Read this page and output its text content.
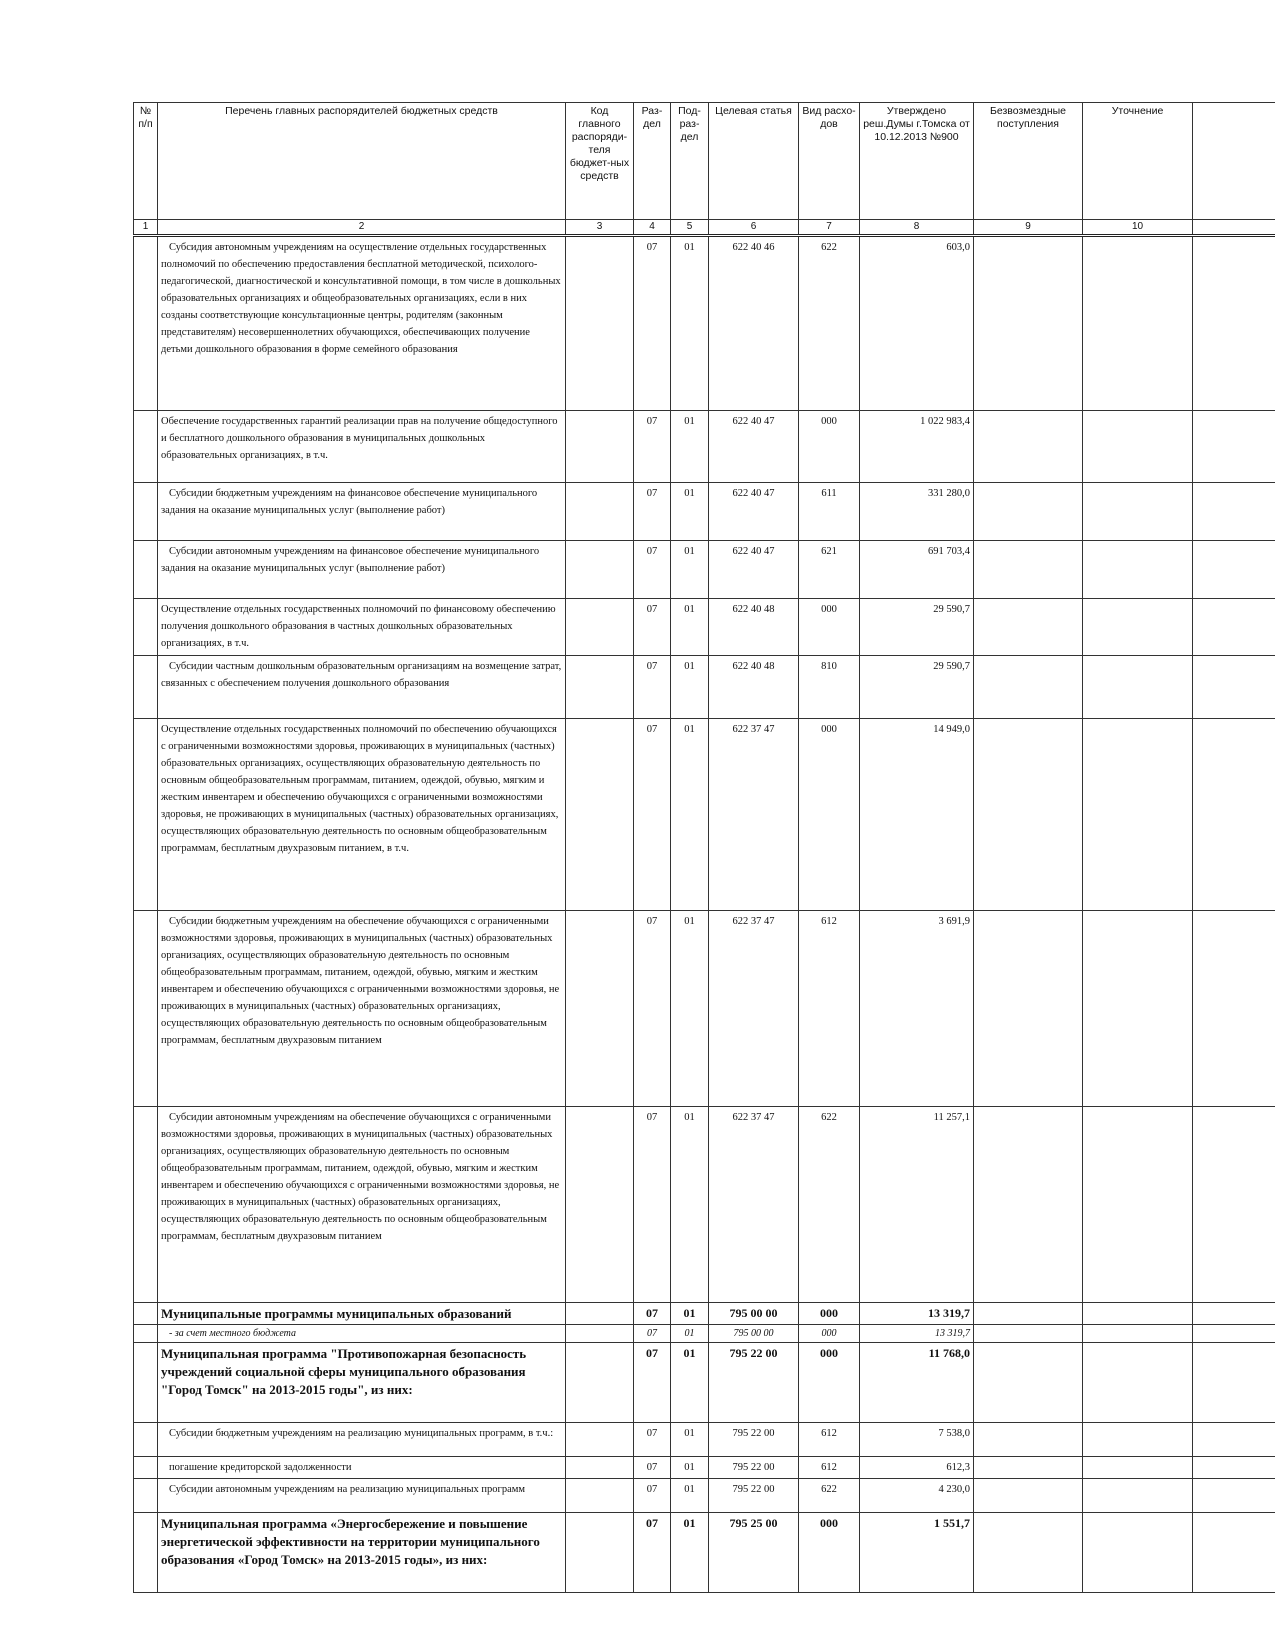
№ п/п	Перечень главных распорядителей бюджетных средств	Код главного распоряди-теля бюджет-ных средств	Раз-дел	Под-раз-дел	Целевая статья	Вид расхо-дов	Утверждено реш.Думы г.Томска от 10.12.2013 №900	Безвозмездные поступления	Уточнение	
1	2	3	4	5	6	7	8	9	10	
	Субсидия автономным учреждениям на осуществление отдельных государственных полномочий по обеспечению предоставления бесплатной методической, психолого-педагогической, диагностической и консультативной помощи, в том числе в дошкольных образовательных организациях и общеобразовательных организациях, если в них созданы соответствующие консультационные центры, родителям (законным представителям) несовершеннолетних обучающихся, обеспечивающих получение детьми дошкольного образования в форме семейного образования		07	01	622 40 46	622	603,0			
	Обеспечение государственных гарантий реализации прав на получение общедоступного и бесплатного дошкольного образования в муниципальных дошкольных образовательных организациях, в т.ч.		07	01	622 40 47	000	1 022 983,4			
	Субсидии бюджетным учреждениям на финансовое обеспечение муниципального задания на оказание муниципальных услуг (выполнение работ)		07	01	622 40 47	611	331 280,0			
	Субсидии автономным учреждениям на финансовое обеспечение муниципального задания на оказание муниципальных услуг (выполнение работ)		07	01	622 40 47	621	691 703,4			
	Осуществление отдельных государственных полномочий по финансовому обеспечению получения дошкольного образования в частных дошкольных образовательных организациях, в т.ч.		07	01	622 40 48	000	29 590,7			
	Субсидии частным дошкольным образовательным организациям на возмещение затрат, связанных с обеспечением получения дошкольного образования		07	01	622 40 48	810	29 590,7			
	Осуществление отдельных государственных полномочий по обеспечению обучающихся с ограниченными возможностями здоровья, проживающих в муниципальных (частных) образовательных организациях, осуществляющих образовательную деятельность по основным общеобразовательным программам, питанием, одеждой, обувью, мягким и жестким инвентарем и обеспечению обучающихся с ограниченными возможностями здоровья, не проживающих в муниципальных (частных) образовательных организациях, осуществляющих образовательную деятельность по основным общеобразовательным программам, бесплатным двухразовым питанием, в т.ч.		07	01	622 37 47	000	14 949,0			
	Субсидии бюджетным учреждениям на обеспечение обучающихся с ограниченными возможностями здоровья, проживающих в муниципальных (частных) образовательных организациях, осуществляющих образовательную деятельность по основным общеобразовательным программам, питанием, одеждой, обувью, мягким и жестким инвентарем и обеспечению обучающихся с ограниченными возможностями здоровья, не проживающих в муниципальных (частных) образовательных организациях, осуществляющих образовательную деятельность по основным общеобразовательным программам, бесплатным двухразовым питанием		07	01	622 37 47	612	3 691,9			
	Субсидии автономным учреждениям на обеспечение обучающихся с ограниченными возможностями здоровья, проживающих в муниципальных (частных) образовательных организациях, осуществляющих образовательную деятельность по основным общеобразовательным программам, питанием, одеждой, обувью, мягким и жестким инвентарем и обеспечению обучающихся с ограниченными возможностями здоровья, не проживающих в муниципальных (частных) образовательных организациях, осуществляющих образовательную деятельность по основным общеобразовательным программам, бесплатным двухразовым питанием		07	01	622 37 47	622	11 257,1			
	Муниципальные программы муниципальных образований		07	01	795 00 00	000	13 319,7			
	- за счет местного бюджета		07	01	795 00 00	000	13 319,7			
	Муниципальная программа "Противопожарная безопасность учреждений социальной сферы муниципального образования "Город Томск" на 2013-2015 годы", из них:		07	01	795 22 00	000	11 768,0			
	Субсидии бюджетным учреждениям на реализацию муниципальных программ, в т.ч.:		07	01	795 22 00	612	7 538,0			
	погашение кредиторской задолженности		07	01	795 22 00	612	612,3			
	Субсидии автономным учреждениям на реализацию муниципальных программ		07	01	795 22 00	622	4 230,0			
	Муниципальная программа «Энергосбережение и повышение энергетической эффективности на территории муниципального образования «Город Томск» на 2013-2015 годы», из них:		07	01	795 25 00	000	1 551,7			
